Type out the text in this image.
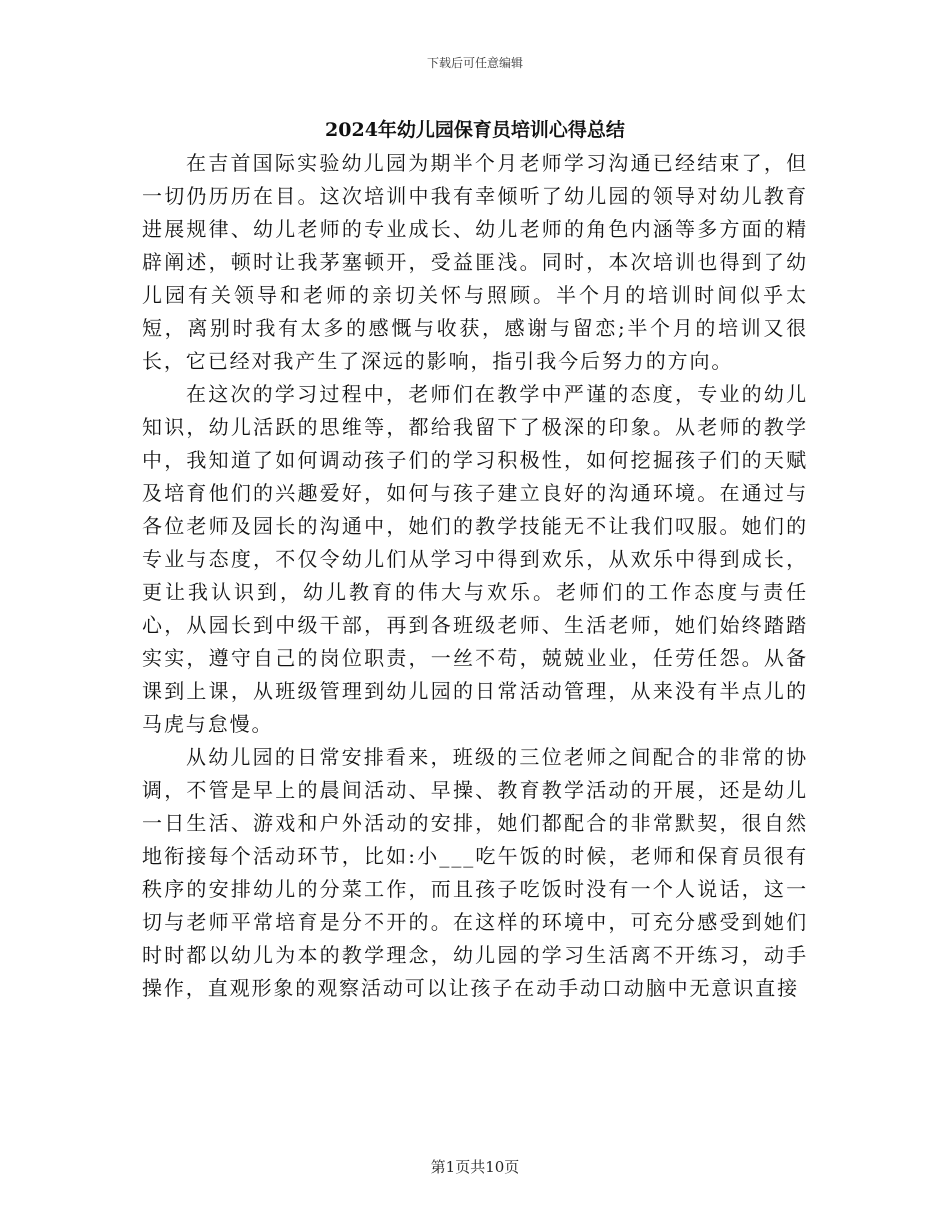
下载后可任意编辑
2024年幼儿园保育员培训心得总结

在吉首国际实验幼儿园为期半个月老师学习沟通已经结束了，但一切仍历历在目。这次培训中我有幸倾听了幼儿园的领导对幼儿教育进展规律、幼儿老师的专业成长、幼儿老师的角色内涵等多方面的精辟阐述，顿时让我茅塞顿开，受益匪浅。同时，本次培训也得到了幼儿园有关领导和老师的亲切关怀与照顾。半个月的培训时间似乎太短，离别时我有太多的感慨与收获，感谢与留恋;半个月的培训又很长，它已经对我产生了深远的影响，指引我今后努力的方向。

在这次的学习过程中，老师们在教学中严谨的态度，专业的幼儿知识，幼儿活跃的思维等，都给我留下了极深的印象。从老师的教学中，我知道了如何调动孩子们的学习积极性，如何挖掘孩子们的天赋及培育他们的兴趣爱好，如何与孩子建立良好的沟通环境。在通过与各位老师及园长的沟通中，她们的教学技能无不让我们叹服。她们的专业与态度，不仅令幼儿们从学习中得到欢乐，从欢乐中得到成长，更让我认识到，幼儿教育的伟大与欢乐。老师们的工作态度与责任心，从园长到中级干部，再到各班级老师、生活老师，她们始终踏踏实实，遵守自己的岗位职责，一丝不苟，兢兢业业，任劳任怨。从备课到上课，从班级管理到幼儿园的日常活动管理，从来没有半点儿的马虎与怠慢。

从幼儿园的日常安排看来，班级的三位老师之间配合的非常的协调，不管是早上的晨间活动、早操、教育教学活动的开展，还是幼儿一日生活、游戏和户外活动的安排，她们都配合的非常默契，很自然地衔接每个活动环节，比如:小___吃午饭的时候，老师和保育员很有秩序的安排幼儿的分菜工作，而且孩子吃饭时没有一个人说话，这一切与老师平常培育是分不开的。在这样的环境中，可充分感受到她们时时都以幼儿为本的教学理念，幼儿园的学习生活离不开练习，动手操作，直观形象的观察活动可以让孩子在动手动口动脑中无意识直接

第1页共10页
